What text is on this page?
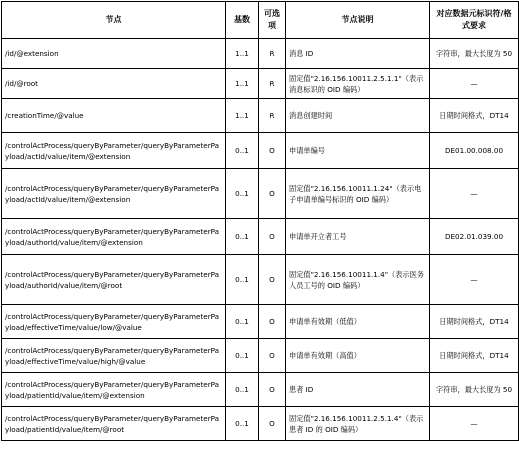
节点	基数	可选项	节点说明	对应数据元标识符/格式要求
/id/@extension	1..1	R	消息 ID	字符串，最大长度为 50
/id/@root	1..1	R	固定值"2.16.156.10011.2.5.1.1"（表示消息标识的 OID 编码）	—
/creationTime/@value	1..1	R	消息创建时间	日期时间格式，DT14
/controlActProcess/queryByParameter/queryByParameterPayload/actId/value/item/@extension	0..1	O	申请单编号	DE01.00.008.00
/controlActProcess/queryByParameter/queryByParameterPayload/actId/value/item/@extension	0..1	O	固定值"2.16.156.10011.1.24"（表示电子申请单编号标识的 OID 编码）	—
/controlActProcess/queryByParameter/queryByParameterPayload/authorId/value/item/@extension	0..1	O	申请单开立者工号	DE02.01.039.00
/controlActProcess/queryByParameter/queryByParameterPayload/authorId/value/item/@root	0..1	O	固定值"2.16.156.10011.1.4"（表示医务人员工号的 OID 编码）	—
/controlActProcess/queryByParameter/queryByParameterPayload/effectiveTime/value/low/@value	0..1	O	申请单有效期（低值）	日期时间格式，DT14
/controlActProcess/queryByParameter/queryByParameterPayload/effectiveTime/value/high/@value	0..1	O	申请单有效期（高值）	日期时间格式，DT14
/controlActProcess/queryByParameter/queryByParameterPayload/patientId/value/item/@extension	0..1	O	患者 ID	字符串，最大长度为 50
/controlActProcess/queryByParameter/queryByParameterPayload/patientId/value/item/@root	0..1	O	固定值"2.16.156.10011.2.5.1.4"（表示患者 ID 的 OID 编码）	—
